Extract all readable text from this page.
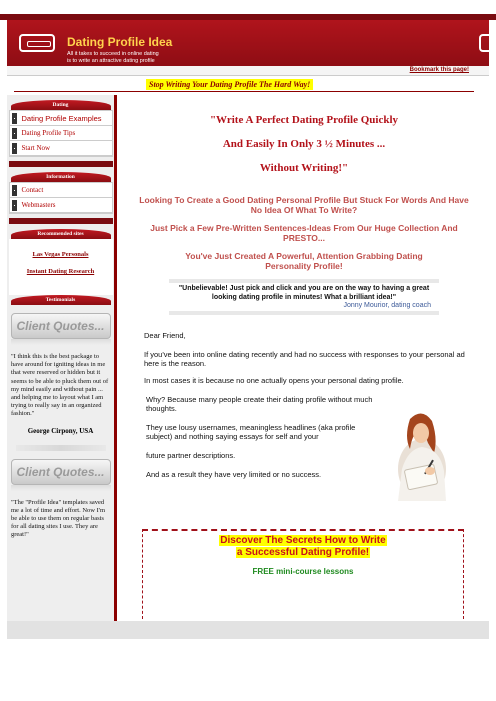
Dating Profile Idea
All it takes to succeed in online dating
is to write an attractive dating profile
Bookmark this page!
Stop Writing Your Dating Profile The Hard Way!
Dating
Dating Profile Examples
Dating Profile Tips
Start Now
Information
Contact
Webmasters
Recommended sites
Las Vegas Personals
Instant Dating Research
Testimonials
Client Quotes...
"I think this is the best package to have around for igniting ideas in me that were reserved or hidden but it seems to be able to pluck them out of my mind easily and without pain ... and helping me to layout what I am trying to really say in an organized fashion."
George Cirpony, USA
Client Quotes...
"The "Profile Idea" templates saved me a lot of time and effort. Now I'm be able to use them on regular basis for all dating sites I use. They are great!"
"Write A Perfect Dating Profile Quickly
And Easily In Only 3 ½ Minutes ...
Without Writing!"
Looking To Create a Good Dating Personal Profile But Stuck For Words And Have No Idea Of What To Write?
Just Pick a Few Pre-Written Sentences-Ideas From Our Huge Collection And PRESTO...
You've Just Created A Powerful, Attention Grabbing Dating Personality Profile!
"Unbelievable! Just pick and click and you are on the way to having a great looking dating profile in minutes! What a brilliant idea!"
Jonny Mourior, dating coach
Dear Friend,
If you've been into online dating recently and had no success with responses to your personal ad here is the reason.
In most cases it is because no one actually opens your personal dating profile.
Why? Because many people create their dating profile without much thoughts.
They use lousy usernames, meaningless headlines (aka profile subject) and nothing saying essays for self and your
future partner descriptions.
And as a result they have very limited or no success.
Discover The Secrets How to Write
a Successful Dating Profile!
FREE mini-course lessons
